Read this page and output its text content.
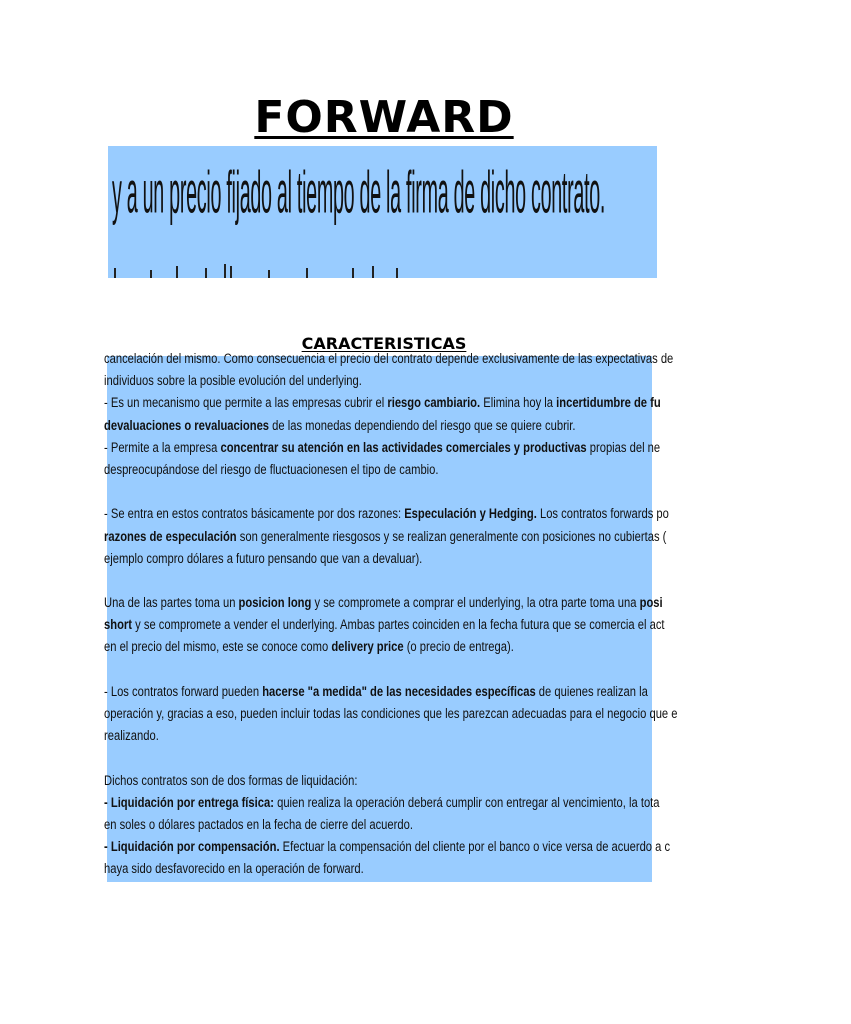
FORWARD
y a un precio fijado al tiempo de la firma de dicho contrato.
CARACTERISTICAS
cancelación del mismo. Como consecuencia el precio del contrato depende exclusivamente de las expectativas de
individuos sobre la posible evolución del underlying.
- Es un mecanismo que permite a las empresas cubrir el riesgo cambiario. Elimina hoy la incertidumbre de fu
devaluaciones o revaluaciones de las monedas dependiendo del riesgo que se quiere cubrir.
- Permite a la empresa concentrar su atención en las actividades comerciales y productivas propias del ne
despreocupándose del riesgo de fluctuacionesen el tipo de cambio.
- Se entra en estos contratos básicamente por dos razones: Especulación y Hedging. Los contratos forwards po
razones de especulación son generalmente riesgosos y se realizan generalmente con posiciones no cubiertas (
ejemplo compro dólares a futuro pensando que van a devaluar).
Una de las partes toma un posicion long y se compromete a comprar el underlying, la otra parte toma una posi
short y se compromete a vender el underlying. Ambas partes coinciden en la fecha futura que se comercia el act
en el precio del mismo, este se conoce como delivery price (o precio de entrega).
- Los contratos forward pueden hacerse "a medida" de las necesidades específicas de quienes realizan la
operación y, gracias a eso, pueden incluir todas las condiciones que les parezcan adecuadas para el negocio que e
realizando.
Dichos contratos son de dos formas de liquidación:
- Liquidación por entrega física: quien realiza la operación deberá cumplir con entregar al vencimiento, la tota
en soles o dólares pactados en la fecha de cierre del acuerdo.
- Liquidación por compensación. Efectuar la compensación del cliente por el banco o vice versa de acuerdo a c
haya sido desfavorecido en la operación de forward.
